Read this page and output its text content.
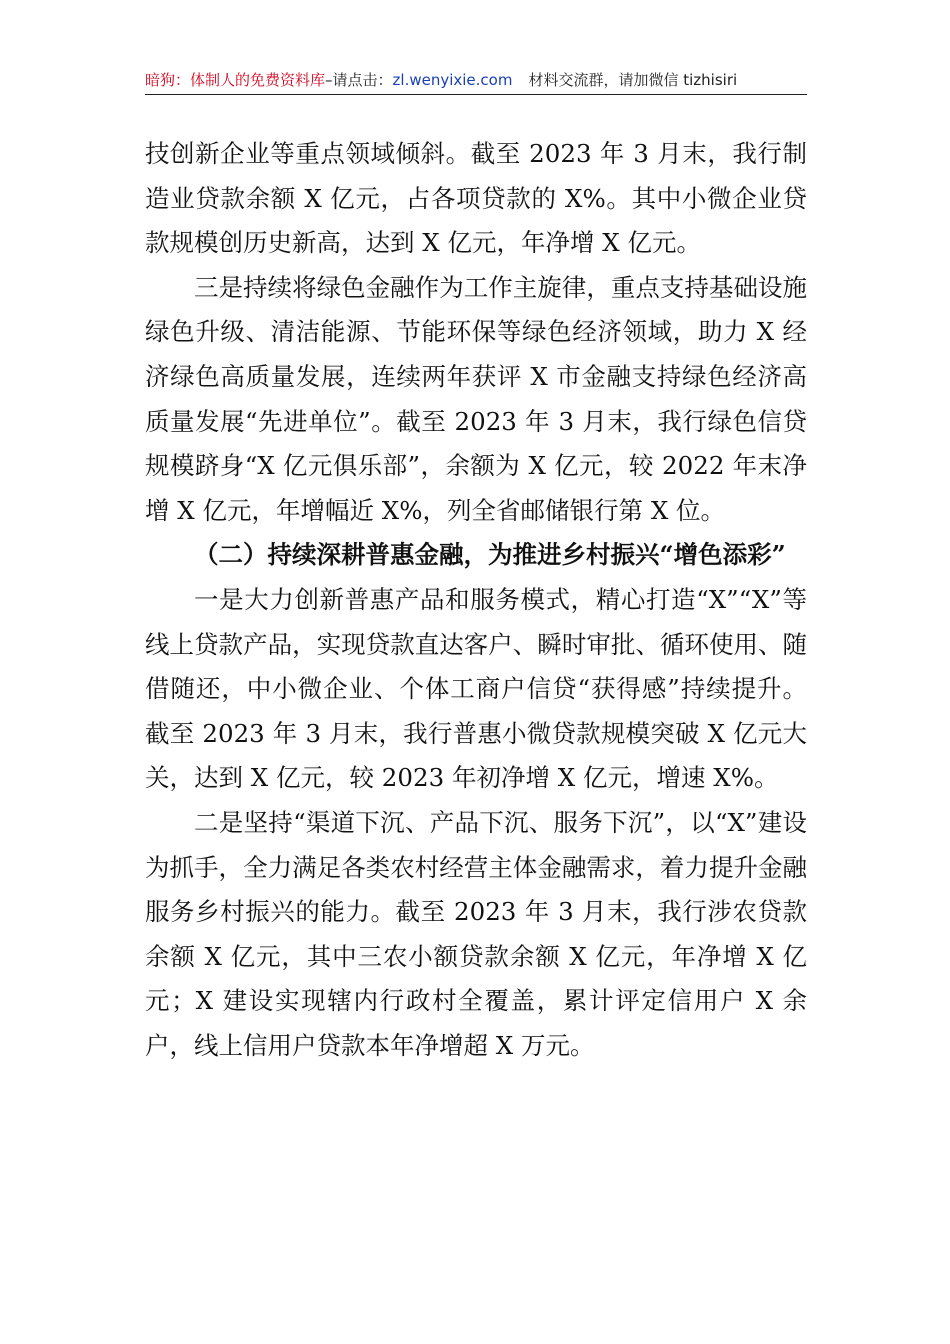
暗狗：体制人的免费资料库–请点击：zl.wenyixie.com 材料交流群，请加微信 tizhisiri

技创新企业等重点领域倾斜。截至 2023 年 3 月末，我行制造业贷款余额 X 亿元，占各项贷款的 X%。其中小微企业贷款规模创历史新高，达到 X 亿元，年净增 X 亿元。

三是持续将绿色金融作为工作主旋律，重点支持基础设施绿色升级、清洁能源、节能环保等绿色经济领域，助力 X 经济绿色高质量发展，连续两年获评 X 市金融支持绿色经济高质量发展“先进单位”。截至 2023 年 3 月末，我行绿色信贷规模跻身“X 亿元俱乐部”，余额为 X 亿元，较 2022 年末净增 X 亿元，年增幅近 X%，列全省邮储银行第 X 位。

（二）持续深耕普惠金融，为推进乡村振兴“增色添彩”

一是大力创新普惠产品和服务模式，精心打造“X”“X”等线上贷款产品，实现贷款直达客户、瞬时审批、循环使用、随借随还，中小微企业、个体工商户信贷“获得感”持续提升。截至 2023 年 3 月末，我行普惠小微贷款规模突破 X 亿元大关，达到 X 亿元，较 2023 年初净增 X 亿元，增速 X%。

二是坚持“渠道下沉、产品下沉、服务下沉”，以“X”建设为抓手，全力满足各类农村经营主体金融需求，着力提升金融服务乡村振兴的能力。截至 2023 年 3 月末，我行涉农贷款余额 X 亿元，其中三农小额贷款余额 X 亿元，年净增 X 亿元；X 建设实现辖内行政村全覆盖，累计评定信用户 X 余户，线上信用户贷款本年净增超 X 万元。
